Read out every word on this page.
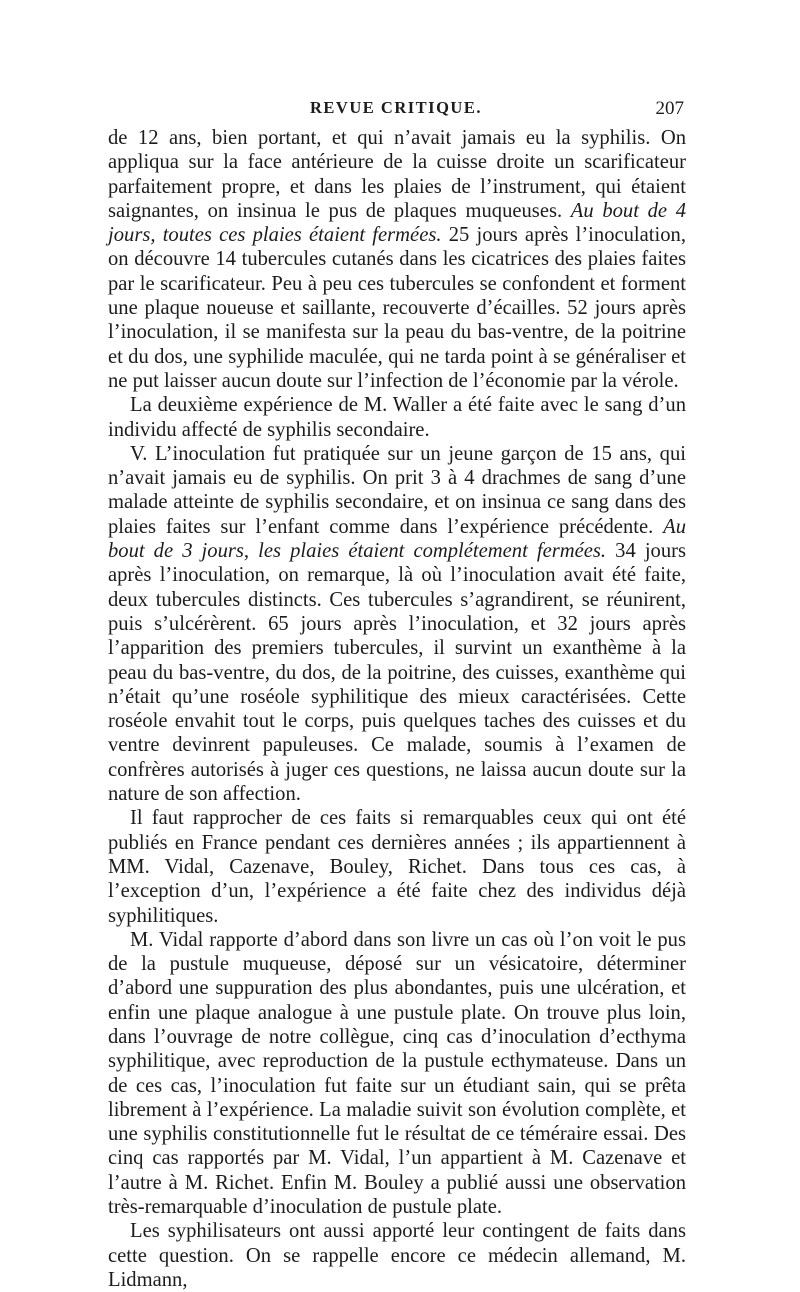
REVUE CRITIQUE.	207

de 12 ans, bien portant, et qui n’avait jamais eu la syphilis. On appliqua sur la face antérieure de la cuisse droite un scarificateur parfaitement propre, et dans les plaies de l’instrument, qui étaient saignantes, on insinua le pus de plaques muqueuses. Au bout de 4 jours, toutes ces plaies étaient fermées. 25 jours après l’inoculation, on découvre 14 tubercules cutanés dans les cicatrices des plaies faites par le scarificateur. Peu à peu ces tubercules se confondent et forment une plaque noueuse et saillante, recouverte d’écailles. 52 jours après l’inoculation, il se manifesta sur la peau du bas-ventre, de la poitrine et du dos, une syphilide maculée, qui ne tarda point à se généraliser et ne put laisser aucun doute sur l’infection de l’économie par la vérole.

La deuxième expérience de M. Waller a été faite avec le sang d’un individu affecté de syphilis secondaire.

V. L’inoculation fut pratiquée sur un jeune garçon de 15 ans, qui n’avait jamais eu de syphilis. On prit 3 à 4 drachmes de sang d’une malade atteinte de syphilis secondaire, et on insinua ce sang dans des plaies faites sur l’enfant comme dans l’expérience précédente. Au bout de 3 jours, les plaies étaient complétement fermées. 34 jours après l’inoculation, on remarque, là où l’inoculation avait été faite, deux tubercules distincts. Ces tubercules s’agrandirent, se réunirent, puis s’ulcérèrent. 65 jours après l’inoculation, et 32 jours après l’apparition des premiers tubercules, il survint un exanthème à la peau du bas-ventre, du dos, de la poitrine, des cuisses, exanthème qui n’était qu’une roséole syphilitique des mieux caractérisées. Cette roséole envahit tout le corps, puis quelques taches des cuisses et du ventre devinrent papuleuses. Ce malade, soumis à l’examen de confrères autorisés à juger ces questions, ne laissa aucun doute sur la nature de son affection.

Il faut rapprocher de ces faits si remarquables ceux qui ont été publiés en France pendant ces dernières années ; ils appartiennent à MM. Vidal, Cazenave, Bouley, Richet. Dans tous ces cas, à l’exception d’un, l’expérience a été faite chez des individus déjà syphilitiques.

M. Vidal rapporte d’abord dans son livre un cas où l’on voit le pus de la pustule muqueuse, déposé sur un vésicatoire, déterminer d’abord une suppuration des plus abondantes, puis une ulcération, et enfin une plaque analogue à une pustule plate. On trouve plus loin, dans l’ouvrage de notre collègue, cinq cas d’inoculation d’ecthyma syphilitique, avec reproduction de la pustule ecthymateuse. Dans un de ces cas, l’inoculation fut faite sur un étudiant sain, qui se prêta librement à l’expérience. La maladie suivit son évolution complète, et une syphilis constitutionnelle fut le résultat de ce téméraire essai. Des cinq cas rapportés par M. Vidal, l’un appartient à M. Cazenave et l’autre à M. Richet. Enfin M. Bouley a publié aussi une observation très-remarquable d’inoculation de pustule plate.

Les syphilisateurs ont aussi apporté leur contingent de faits dans cette question. On se rappelle encore ce médecin allemand, M. Lidmann,
